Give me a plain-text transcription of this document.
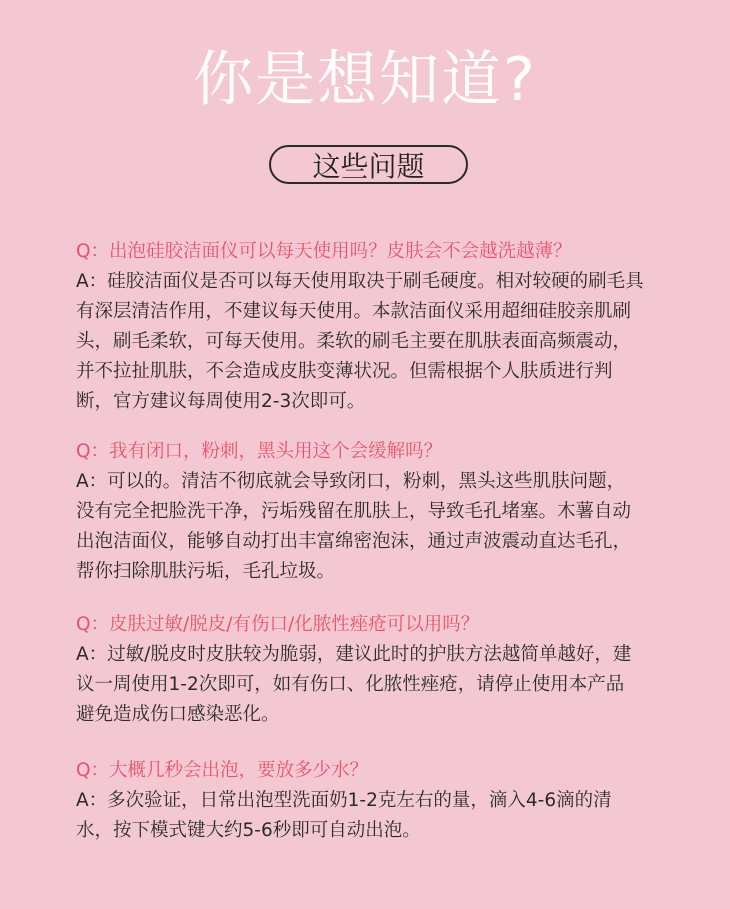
你是想知道?
这些问题
Q：出泡硅胶洁面仪可以每天使用吗？皮肤会不会越洗越薄？
A：硅胶洁面仪是否可以每天使用取决于刷毛硬度。相对较硬的刷毛具
有深层清洁作用，不建议每天使用。本款洁面仪采用超细硅胶亲肌刷
头，刷毛柔软，可每天使用。柔软的刷毛主要在肌肤表面高频震动，
并不拉扯肌肤，不会造成皮肤变薄状况。但需根据个人肤质进行判
断，官方建议每周使用2-3次即可。
Q：我有闭口，粉刺，黑头用这个会缓解吗？
A：可以的。清洁不彻底就会导致闭口，粉刺，黑头这些肌肤问题，
没有完全把脸洗干净，污垢残留在肌肤上，导致毛孔堵塞。木薯自动
出泡洁面仪，能够自动打出丰富绵密泡沫，通过声波震动直达毛孔，
帮你扫除肌肤污垢，毛孔垃圾。
Q：皮肤过敏/脱皮/有伤口/化脓性痤疮可以用吗？
A：过敏/脱皮时皮肤较为脆弱，建议此时的护肤方法越简单越好，建
议一周使用1-2次即可，如有伤口、化脓性痤疮，请停止使用本产品
避免造成伤口感染恶化。
Q：大概几秒会出泡，要放多少水？
A：多次验证，日常出泡型洗面奶1-2克左右的量，滴入4-6滴的清
水，按下模式键大约5-6秒即可自动出泡。
